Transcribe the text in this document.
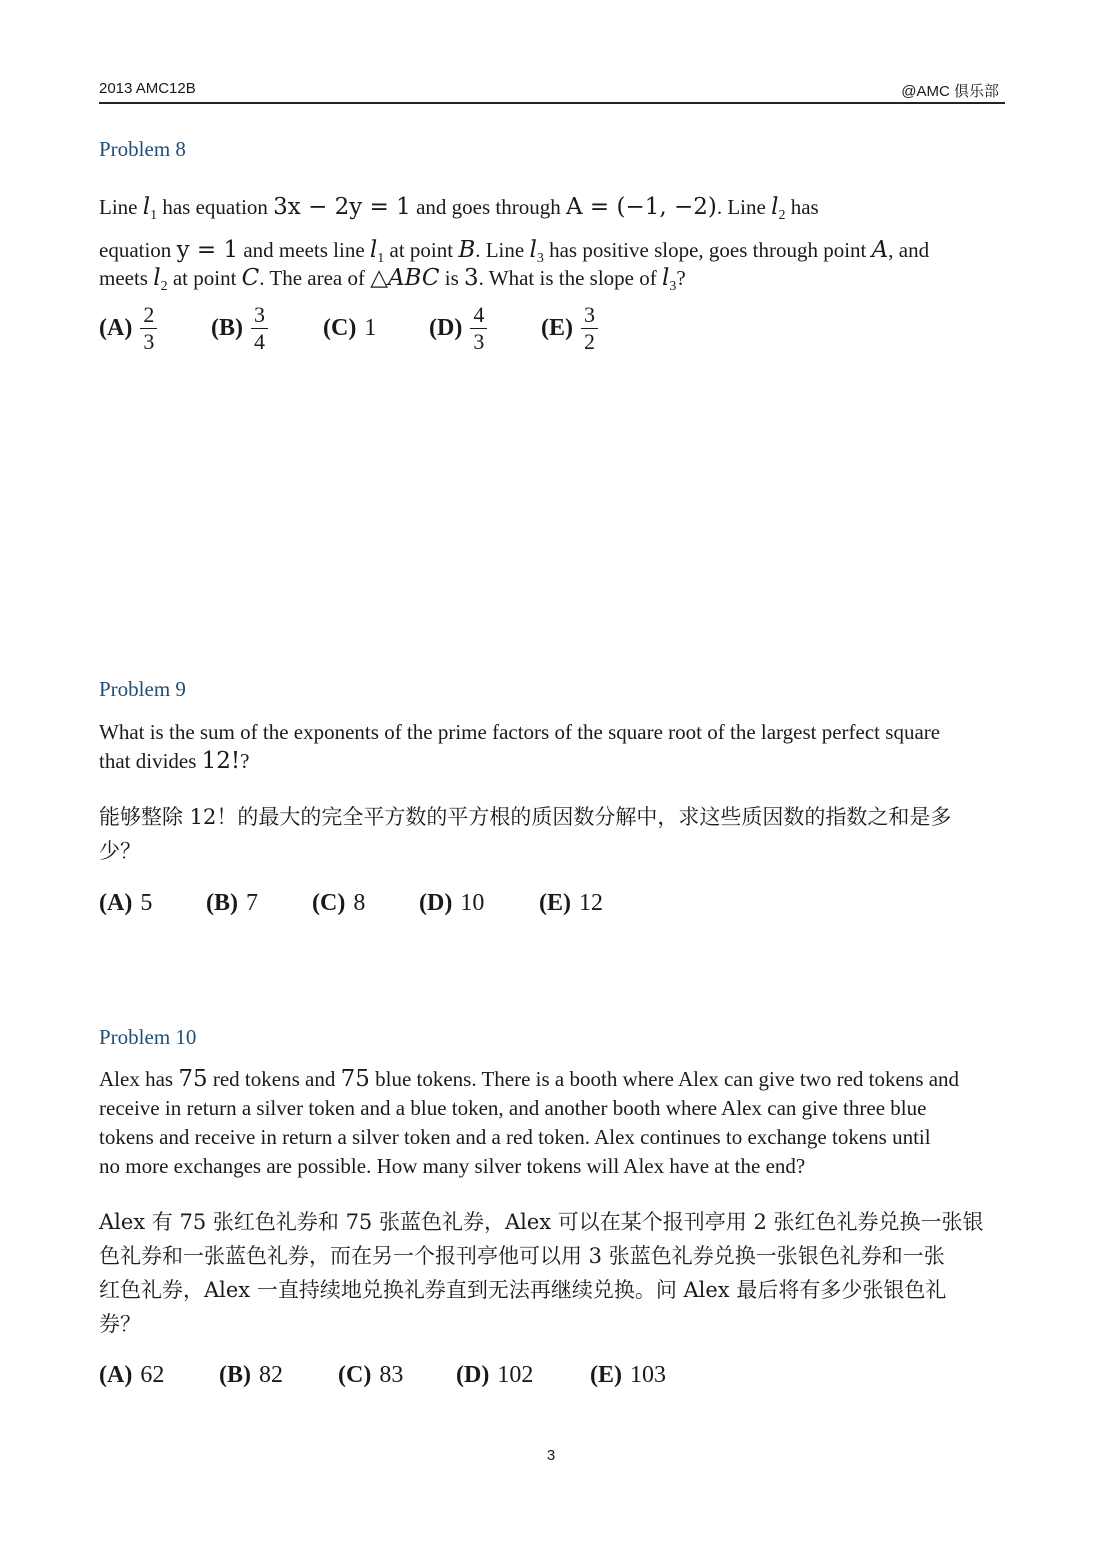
2013 AMC12B	@AMC 俱乐部
Problem 8
Line $l_1$ has equation 3x − 2y = 1 and goes through A = (−1, −2). Line $l_2$ has
equation y = 1 and meets line $l_1$ at point B. Line $l_3$ has positive slope, goes through point A, and
meets $l_2$ at point C. The area of △ABC is 3. What is the slope of $l_3$?
$(A) \frac{2}{3} (B) \frac{3}{4} (C)$ 1 $(D) \frac{4}{3} (E) \frac{3}{2}$
Problem 9
What is the sum of the exponents of the prime factors of the square root of the largest perfect square
that divides 12!?
能够整除 12！的最大的完全平方数的平方根的质因数分解中，求这些质因数的指数之和是多
少？
(A) 5 (B) 7 (C) 8 (D) 10 (E) 12
Problem 10
Alex has 75 red tokens and 75 blue tokens. There is a booth where Alex can give two red tokens and
receive in return a silver token and a blue token, and another booth where Alex can give three blue
tokens and receive in return a silver token and a red token. Alex continues to exchange tokens until
no more exchanges are possible. How many silver tokens will Alex have at the end?
Alex 有 75 张红色礼券和 75 张蓝色礼券，Alex 可以在某个报刊亭用 2 张红色礼券兑换一张银
色礼券和一张蓝色礼券，而在另一个报刊亭他可以用 3 张蓝色礼券兑换一张银色礼券和一张
红色礼券，Alex 一直持续地兑换礼券直到无法再继续兑换。问 Alex 最后将有多少张银色礼
券？
(A) 62 (B) 82 (C) 83 (D) 102 (E) 103
3
